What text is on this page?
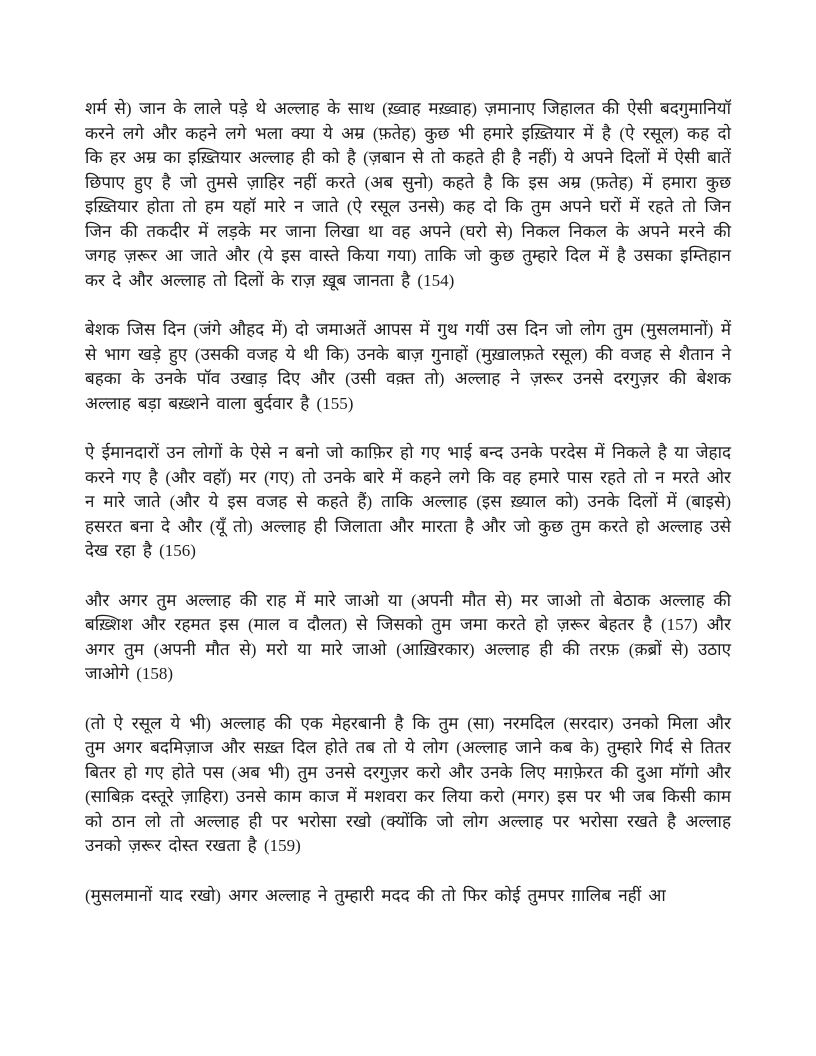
शर्म से) जान के लाले पड़े थे अल्लाह के साथ (ख़्वाह मख़्वाह) ज़मानाए जिहालत की ऐसी बदगुमानियॉ करने लगे और कहने लगे भला क्या ये अम्र (फ़तेह) कुछ भी हमारे इख़्तियार में है (ऐ रसूल) कह दो कि हर अम्र का इख़्तियार अल्लाह ही को है (ज़बान से तो कहते ही है नहीं) ये अपने दिलों में ऐसी बातें छिपाए हुए है जो तुमसे ज़ाहिर नहीं करते (अब सुनो) कहते है कि इस अम्र (फ़तेह) में हमारा कुछ इख़्तियार होता तो हम यहॉ मारे न जाते (ऐ रसूल उनसे) कह दो कि तुम अपने घरों में रहते तो जिन जिन की तकदीर में लड़के मर जाना लिखा था वह अपने (घरो से) निकल निकल के अपने मरने की जगह ज़रूर आ जाते और (ये इस वास्ते किया गया) ताकि जो कुछ तुम्हारे दिल में है उसका इम्तिहान कर दे और अल्लाह तो दिलों के राज़ ख़ूब जानता है (154)

बेशक जिस दिन (जंगे औहद में) दो जमाअतें आपस में गुथ गयीं उस दिन जो लोग तुम (मुसलमानों) में से भाग खड़े हुए (उसकी वजह ये थी कि) उनके बाज़ गुनाहों (मुख़ालफ़ते रसूल) की वजह से शैतान ने बहका के उनके पॉव उखाड़ दिए और (उसी वक़्त तो) अल्लाह ने ज़रूर उनसे दरगुज़र की बेशक अल्लाह बड़ा बख़्शने वाला बुर्दवार है (155)

ऐ ईमानदारों उन लोगों के ऐसे न बनो जो काफ़िर हो गए भाई बन्द उनके परदेस में निकले है या जेहाद करने गए है (और वहॉ) मर (गए) तो उनके बारे में कहने लगे कि वह हमारे पास रहते तो न मरते ओर न मारे जाते (और ये इस वजह से कहते हैं) ताकि अल्लाह (इस ख़्याल को) उनके दिलों में (बाइसे) हसरत बना दे और (यूँ तो) अल्लाह ही जिलाता और मारता है और जो कुछ तुम करते हो अल्लाह उसे देख रहा है (156)

और अगर तुम अल्लाह की राह में मारे जाओ या (अपनी मौत से) मर जाओ तो बेठाक अल्लाह की बख़्शिश और रहमत इस (माल व दौलत) से जिसको तुम जमा करते हो ज़रूर बेहतर है (157) और अगर तुम (अपनी मौत से) मरो या मारे जाओ (आख़िरकार) अल्लाह ही की तरफ़ (क़ब्रों से) उठाए जाओगे (158)

(तो ऐ रसूल ये भी) अल्लाह की एक मेहरबानी है कि तुम (सा) नरमदिल (सरदार) उनको मिला और तुम अगर बदमिज़ाज और सख़्त दिल होते तब तो ये लोग (अल्लाह जाने कब के) तुम्हारे गिर्द से तितर बितर हो गए होते पस (अब भी) तुम उनसे दरगुज़र करो और उनके लिए मग़फ़ेरत की दुआ मॉगो और (साबिक़ दस्तूरे ज़ाहिरा) उनसे काम काज में मशवरा कर लिया करो (मगर) इस पर भी जब किसी काम को ठान लो तो अल्लाह ही पर भरोसा रखो (क्योंकि जो लोग अल्लाह पर भरोसा रखते है अल्लाह उनको ज़रूर दोस्त रखता है (159)

(मुसलमानों याद रखो) अगर अल्लाह ने तुम्हारी मदद की तो फिर कोई तुमपर ग़ालिब नहीं आ
